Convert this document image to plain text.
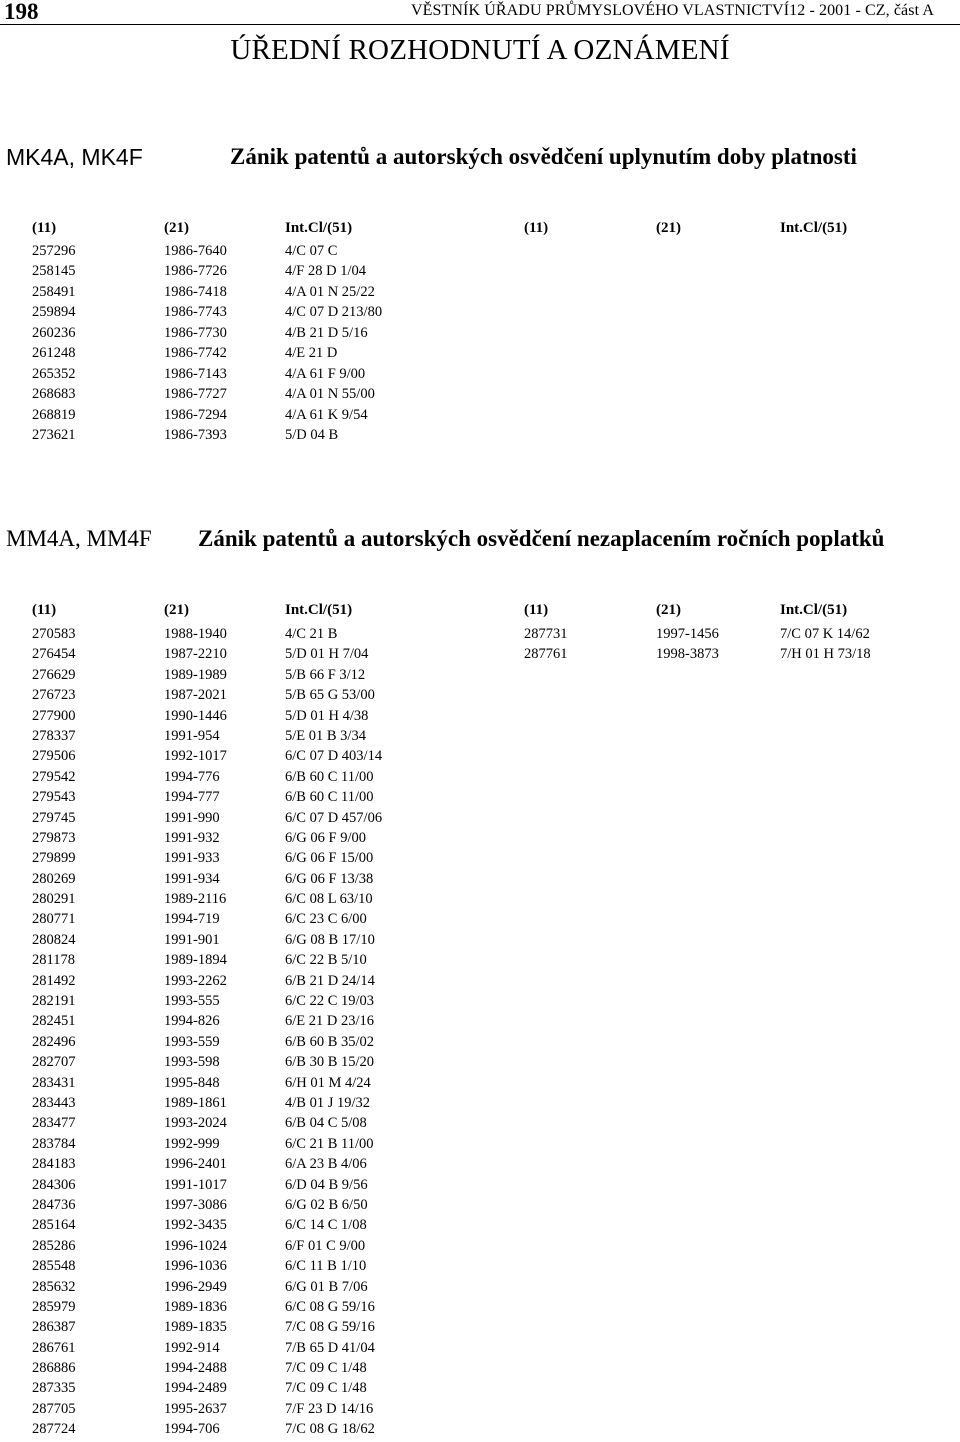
198	VĚSTNÍK ÚŘADU PRŮMYSLOVÉHO VLASTNICTVÍ12 - 2001 - CZ, část A
ÚŘEDNÍ ROZHODNUTÍ A OZNÁMENÍ
MK4A, MK4F	Zánik patentů a autorských osvědčení uplynutím doby platnosti
(11)	(21)	Int.Cl/(51)	(11)	(21)	Int.Cl/(51)
257296	1986-7640	4/C 07 C
258145	1986-7726	4/F 28 D 1/04
258491	1986-7418	4/A 01 N 25/22
259894	1986-7743	4/C 07 D 213/80
260236	1986-7730	4/B 21 D 5/16
261248	1986-7742	4/E 21 D
265352	1986-7143	4/A 61 F 9/00
268683	1986-7727	4/A 01 N 55/00
268819	1986-7294	4/A 61 K 9/54
273621	1986-7393	5/D 04 B
MM4A, MM4F Zánik patentů a autorských osvědčení nezaplacením ročních poplatků
(11)	(21)	Int.Cl/(51)	(11)	(21)	Int.Cl/(51)
270583	1988-1940	4/C 21 B	287731	1997-1456	7/C 07 K 14/62
276454	1987-2210	5/D 01 H 7/04	287761	1998-3873	7/H 01 H 73/18
276629	1989-1989	5/B 66 F 3/12
276723	1987-2021	5/B 65 G 53/00
277900	1990-1446	5/D 01 H 4/38
278337	1991-954	5/E 01 B 3/34
279506	1992-1017	6/C 07 D 403/14
279542	1994-776	6/B 60 C 11/00
279543	1994-777	6/B 60 C 11/00
279745	1991-990	6/C 07 D 457/06
279873	1991-932	6/G 06 F 9/00
279899	1991-933	6/G 06 F 15/00
280269	1991-934	6/G 06 F 13/38
280291	1989-2116	6/C 08 L 63/10
280771	1994-719	6/C 23 C 6/00
280824	1991-901	6/G 08 B 17/10
281178	1989-1894	6/C 22 B 5/10
281492	1993-2262	6/B 21 D 24/14
282191	1993-555	6/C 22 C 19/03
282451	1994-826	6/E 21 D 23/16
282496	1993-559	6/B 60 B 35/02
282707	1993-598	6/B 30 B 15/20
283431	1995-848	6/H 01 M 4/24
283443	1989-1861	4/B 01 J 19/32
283477	1993-2024	6/B 04 C 5/08
283784	1992-999	6/C 21 B 11/00
284183	1996-2401	6/A 23 B 4/06
284306	1991-1017	6/D 04 B 9/56
284736	1997-3086	6/G 02 B 6/50
285164	1992-3435	6/C 14 C 1/08
285286	1996-1024	6/F 01 C 9/00
285548	1996-1036	6/C 11 B 1/10
285632	1996-2949	6/G 01 B 7/06
285979	1989-1836	6/C 08 G 59/16
286387	1989-1835	7/C 08 G 59/16
286761	1992-914	7/B 65 D 41/04
286886	1994-2488	7/C 09 C 1/48
287335	1994-2489	7/C 09 C 1/48
287705	1995-2637	7/F 23 D 14/16
287724	1994-706	7/C 08 G 18/62
